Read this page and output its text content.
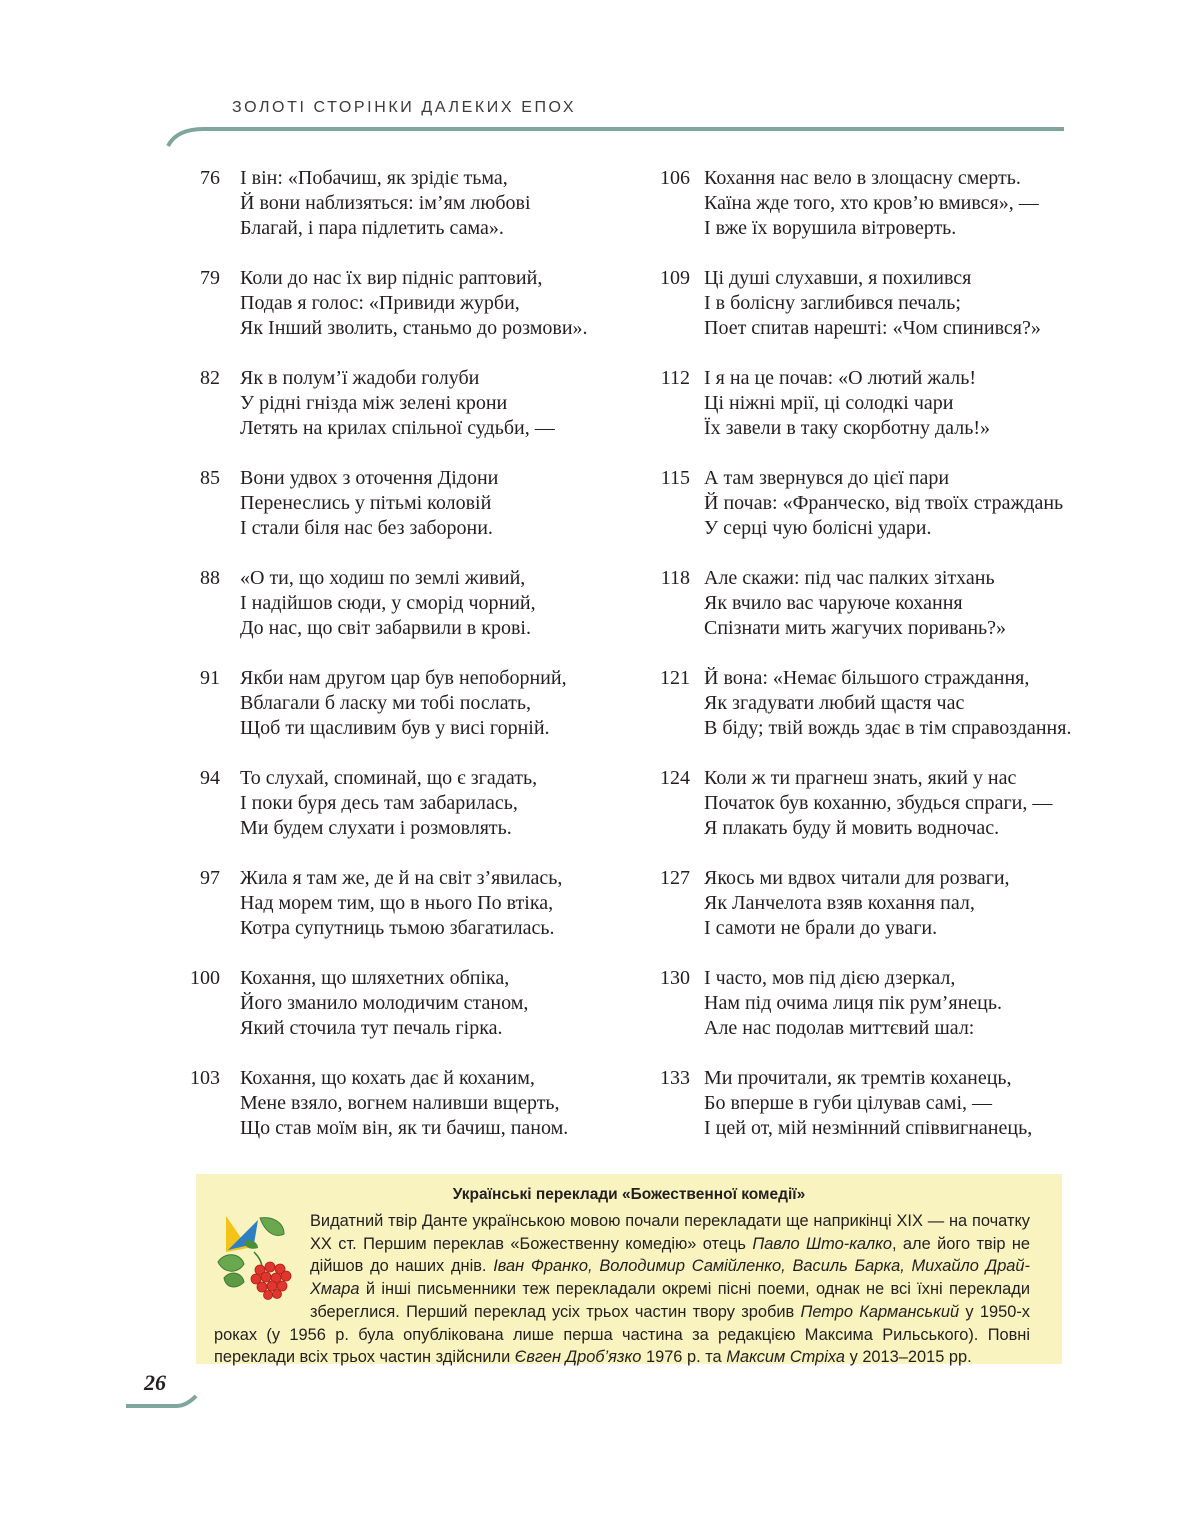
ЗОЛОТІ СТОРІНКИ ДАЛЕКИХ ЕПОХ
76	І він: «Побачиш, як зрідіє тьма,
Й вони наблизяться: ім’ям любові
Благай, і пара підлетить сама».
79	Коли до нас їх вир підніс раптовий,
Подав я голос: «Привиди журби,
Як Інший зволить, станьмо до розмови».
82	Як в полум’ї жадоби голуби
У рідні гнізда між зелені крони
Летять на крилах спільної судьби, —
85	Вони удвох з оточення Дідони
Перенеслись у пітьмі коловій
І стали біля нас без заборони.
88	«О ти, що ходиш по землі живий,
І надійшов сюди, у сморід чорний,
До нас, що світ забарвили в крові.
91	Якби нам другом цар був непоборний,
Вблагали б ласку ми тобі послать,
Щоб ти щасливим був у висі горній.
94	То слухай, споминай, що є згадать,
І поки буря десь там забарилась,
Ми будем слухати і розмовлять.
97	Жила я там же, де й на світ з’явилась,
Над морем тим, що в нього По втіка,
Котра супутниць тьмою збагатилась.
100	Кохання, що шляхетних обпіка,
Його зманило молодичим станом,
Який сточила тут печаль гірка.
103	Кохання, що кохать дає й коханим,
Мене взяло, вогнем наливши вщерть,
Що став моїм він, як ти бачиш, паном.
106 Кохання нас вело в злощасну смерть.
Каїна жде того, хто кров’ю вмився», —
І вже їх ворушила вітроверть.
109 Ці душі слухавши, я похилився
І в болісну заглибився печаль;
Поет спитав нарешті: «Чом спинився?»
112 І я на це почав: «О лютий жаль!
Ці ніжні мрії, ці солодкі чари
Їх завели в таку скорботну даль!»
115 А там звернувся до цієї пари
Й почав: «Франческо, від твоїх страждань
У серці чую болісні удари.
118 Але скажи: під час палких зітхань
Як вчило вас чаруюче кохання
Спізнати мить жагучих поривань?»
121 Й вона: «Немає більшого страждання,
Як згадувати любий щастя час
В біду; твій вождь здає в тім справоздання.
124 Коли ж ти прагнеш знать, який у нас
Початок був коханню, збудься спраги, —
Я плакать буду й мовить водночас.
127 Якось ми вдвох читали для розваги,
Як Ланчелота взяв кохання пал,
І самоти не брали до уваги.
130 І часто, мов під дією дзеркал,
Нам під очима лиця пік рум’янець.
Але нас подолав миттєвий шал:
133 Ми прочитали, як тремтів коханець,
Бо вперше в губи цілував самі, —
І цей от, мій незмінний співвигнанець,
Українські переклади «Божественної комедії»
Видатний твір Данте українською мовою почали перекладати ще наприкінці XIX — на початку XX ст. Першим переклав «Божественну комедію» отець Павло Што-калко, але його твір не дійшов до наших днів. Іван Франко, Володимир Самійленко, Василь Барка, Михайло Драй-Хмара й інші письменники теж перекладали окремі пісні поеми, однак не всі їхні переклади збереглися. Перший переклад усіх трьох частин твору зробив Петро Карманський у 1950-х роках (у 1956 р. була опублікована лише перша частина за редакцією Максима Рильського). Повні переклади всіх трьох частин здійснили Євген Дроб’язко 1976 р. та Максим Стріха у 2013–2015 рр.
26
